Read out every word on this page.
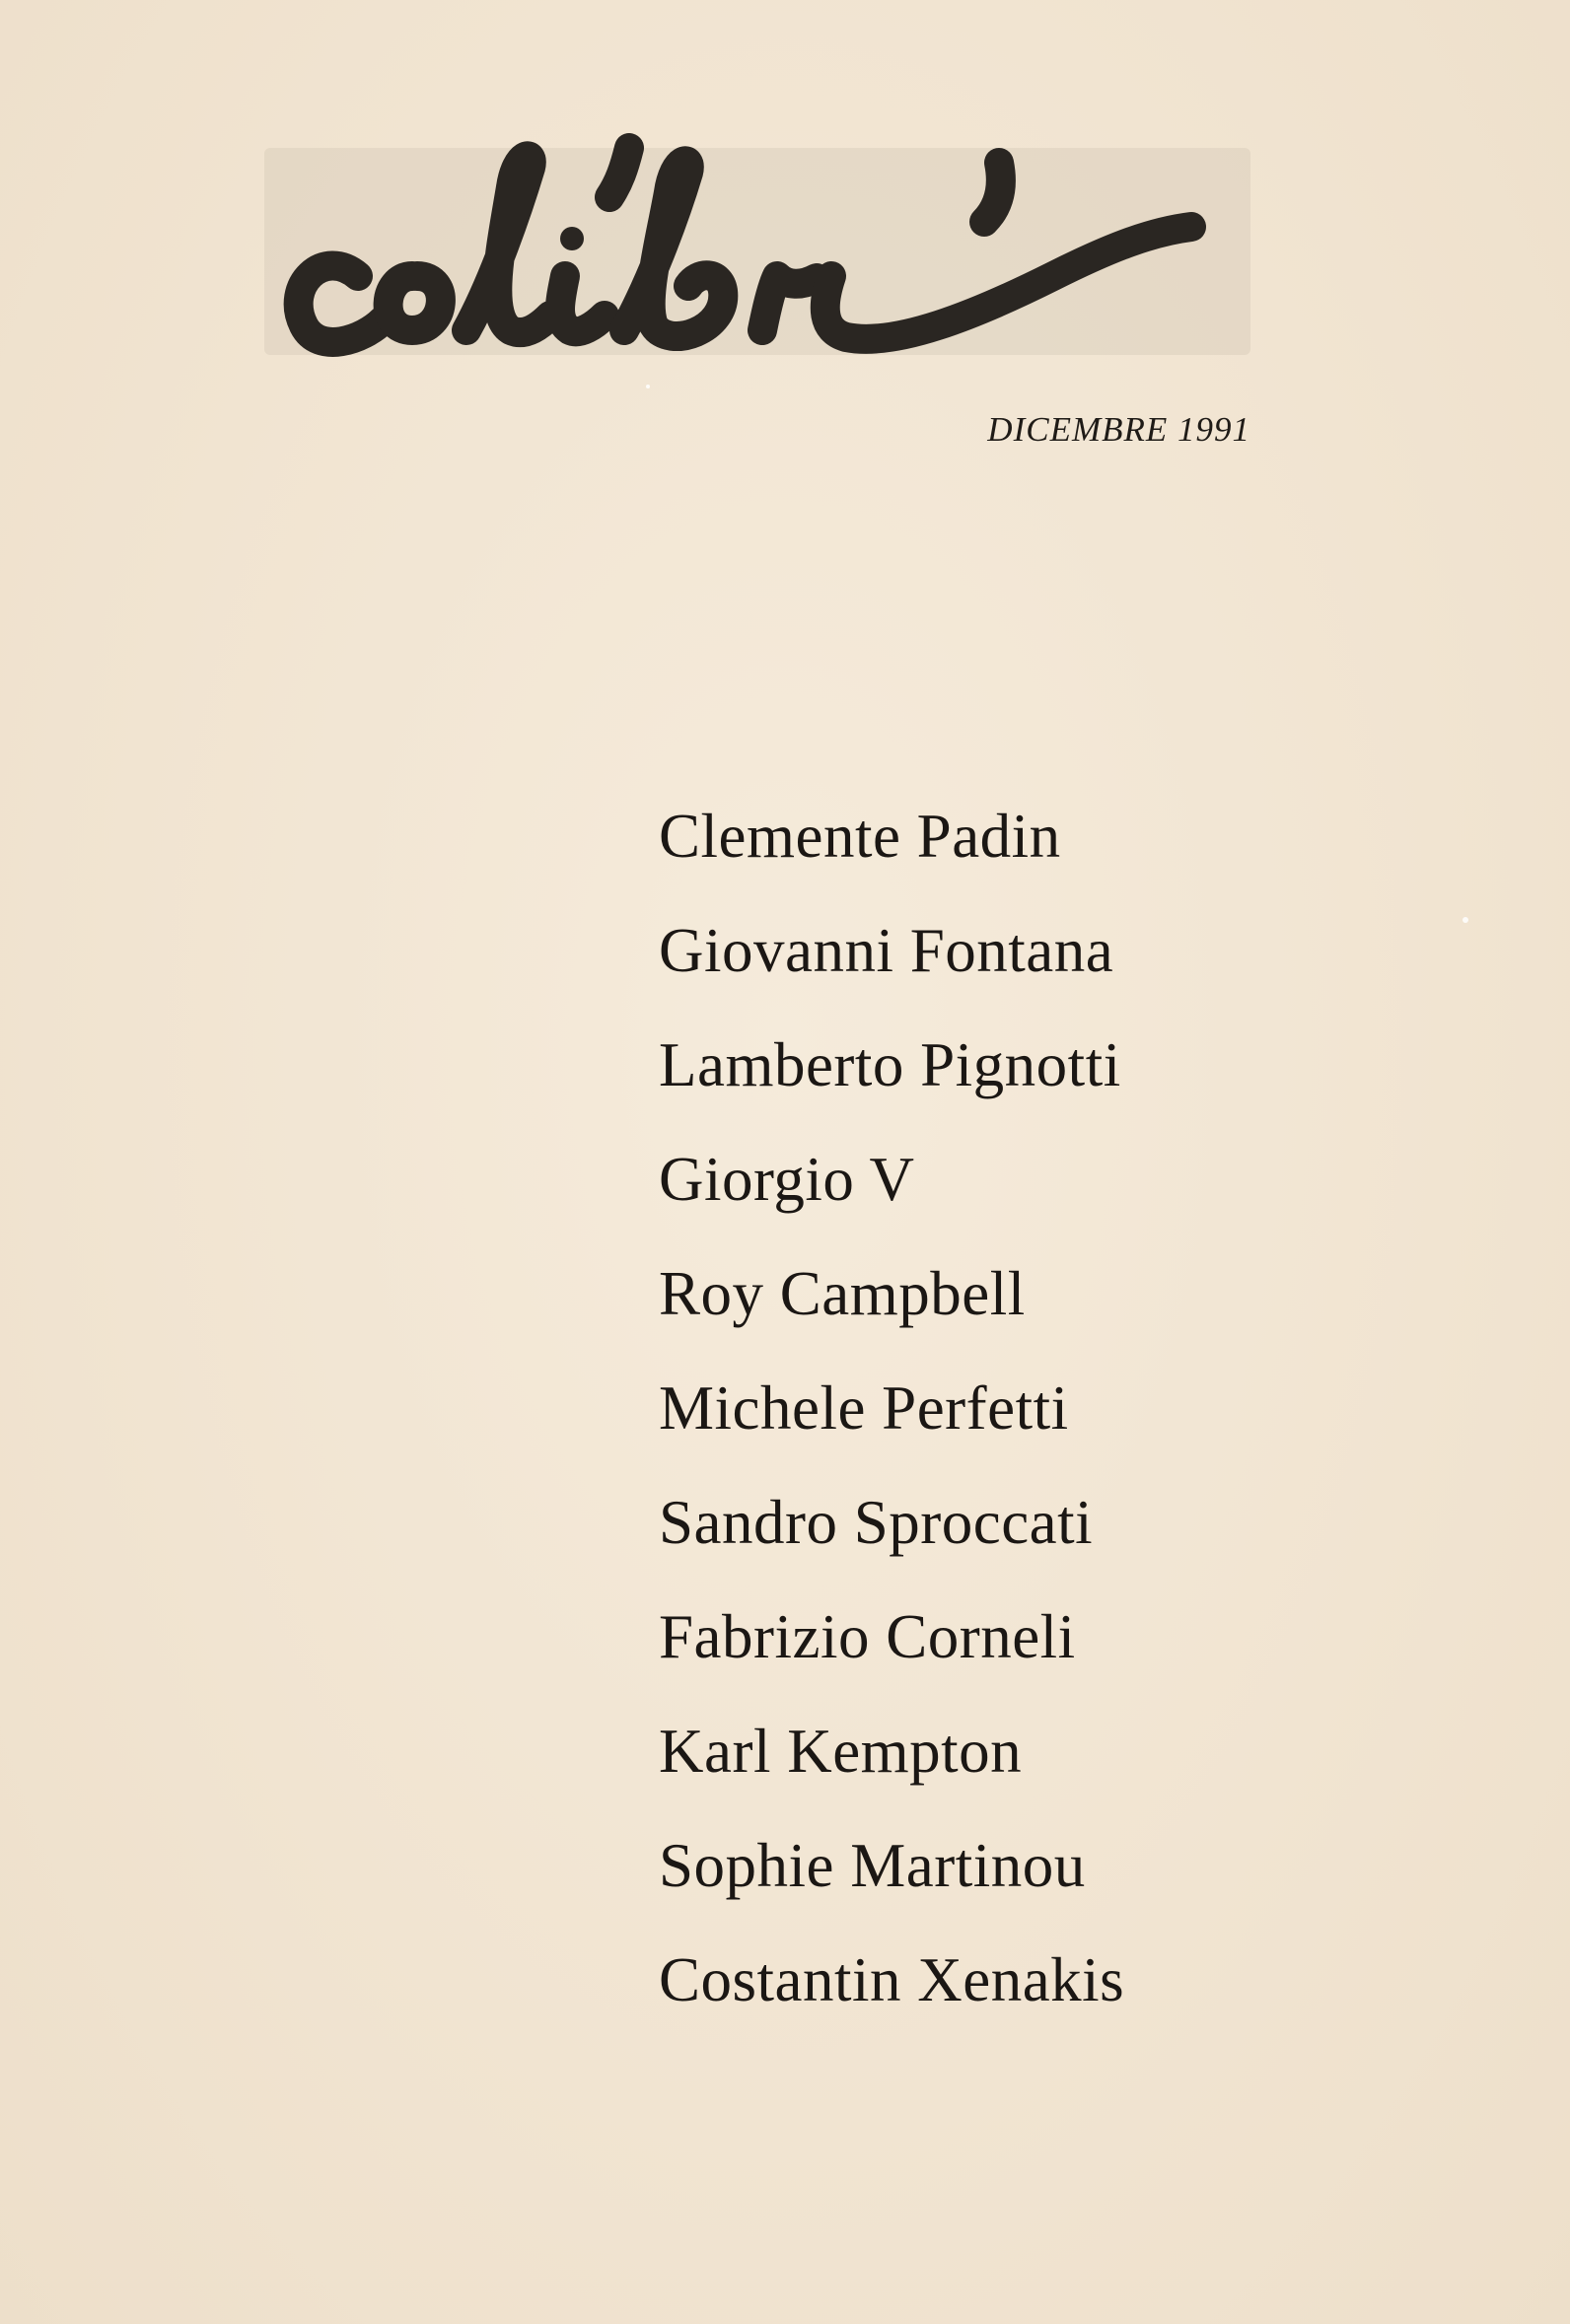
DICEMBRE 1991
Clemente Padin
Giovanni Fontana
Lamberto Pignotti
Giorgio V
Roy Campbell
Michele Perfetti
Sandro Sproccati
Fabrizio Corneli
Karl Kempton
Sophie Martinou
Costantin Xenakis
